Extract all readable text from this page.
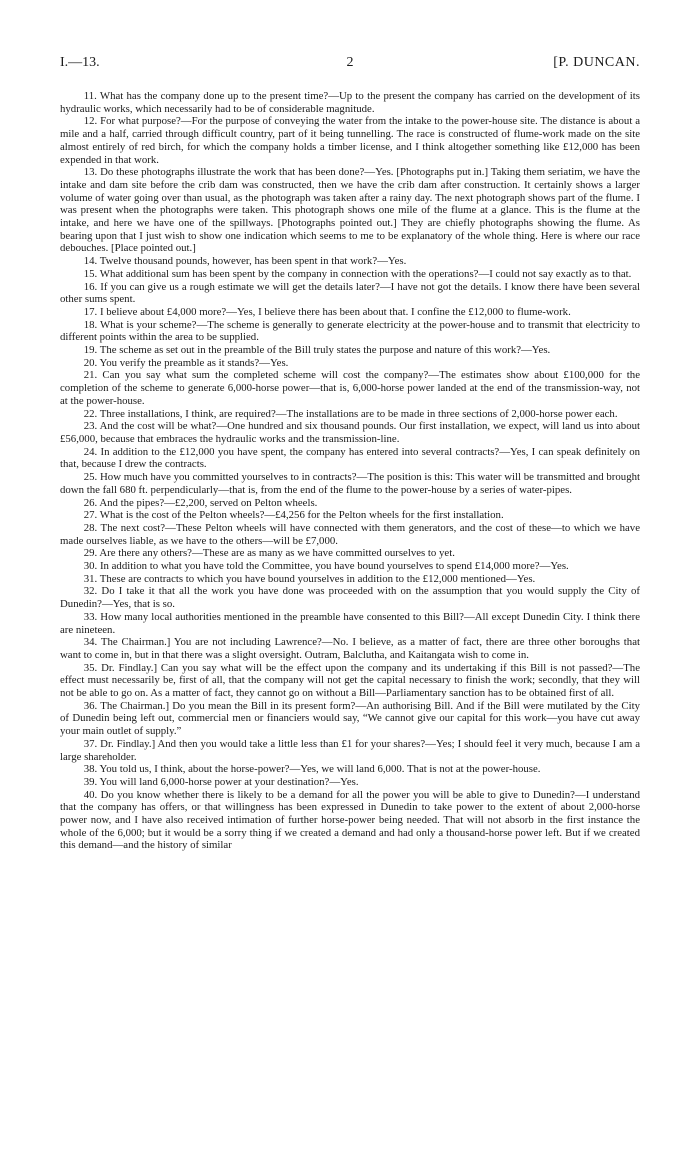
I.—13.	2	[P. DUNCAN.

11. What has the company done up to the present time?—Up to the present the company has carried on the development of its hydraulic works, which necessarily had to be of considerable magnitude.

12. For what purpose?—For the purpose of conveying the water from the intake to the power-house site. The distance is about a mile and a half, carried through difficult country, part of it being tunnelling. The race is constructed of flume-work made on the site almost entirely of red birch, for which the company holds a timber license, and I think altogether something like £12,000 has been expended in that work.

13. Do these photographs illustrate the work that has been done?—Yes. [Photographs put in.] Taking them seriatim, we have the intake and dam site before the crib dam was constructed, then we have the crib dam after construction. It certainly shows a larger volume of water going over than usual, as the photograph was taken after a rainy day. The next photograph shows part of the flume. I was present when the photographs were taken. This photograph shows one mile of the flume at a glance. This is the flume at the intake, and here we have one of the spillways. [Photographs pointed out.] They are chiefly photographs showing the flume. As bearing upon that I just wish to show one indication which seems to me to be explanatory of the whole thing. Here is where our race debouches. [Place pointed out.]

14. Twelve thousand pounds, however, has been spent in that work?—Yes.

15. What additional sum has been spent by the company in connection with the operations?—I could not say exactly as to that.

16. If you can give us a rough estimate we will get the details later?—I have not got the details. I know there have been several other sums spent.

17. I believe about £4,000 more?—Yes, I believe there has been about that. I confine the £12,000 to flume-work.

18. What is your scheme?—The scheme is generally to generate electricity at the power-house and to transmit that electricity to different points within the area to be supplied.

19. The scheme as set out in the preamble of the Bill truly states the purpose and nature of this work?—Yes.

20. You verify the preamble as it stands?—Yes.

21. Can you say what sum the completed scheme will cost the company?—The estimates show about £100,000 for the completion of the scheme to generate 6,000-horse power—that is, 6,000-horse power landed at the end of the transmission-way, not at the power-house.

22. Three installations, I think, are required?—The installations are to be made in three sections of 2,000-horse power each.

23. And the cost will be what?—One hundred and six thousand pounds. Our first installation, we expect, will land us into about £56,000, because that embraces the hydraulic works and the transmission-line.

24. In addition to the £12,000 you have spent, the company has entered into several contracts?—Yes, I can speak definitely on that, because I drew the contracts.

25. How much have you committed yourselves to in contracts?—The position is this: This water will be transmitted and brought down the fall 680 ft. perpendicularly—that is, from the end of the flume to the power-house by a series of water-pipes.

26. And the pipes?—£2,200, served on Pelton wheels.

27. What is the cost of the Pelton wheels?—£4,256 for the Pelton wheels for the first installation.

28. The next cost?—These Pelton wheels will have connected with them generators, and the cost of these—to which we have made ourselves liable, as we have to the others—will be £7,000.

29. Are there any others?—These are as many as we have committed ourselves to yet.

30. In addition to what you have told the Committee, you have bound yourselves to spend £14,000 more?—Yes.

31. These are contracts to which you have bound yourselves in addition to the £12,000 mentioned—Yes.

32. Do I take it that all the work you have done was proceeded with on the assumption that you would supply the City of Dunedin?—Yes, that is so.

33. How many local authorities mentioned in the preamble have consented to this Bill?—All except Dunedin City. I think there are nineteen.

34. The Chairman.] You are not including Lawrence?—No. I believe, as a matter of fact, there are three other boroughs that want to come in, but in that there was a slight oversight. Outram, Balclutha, and Kaitangata wish to come in.

35. Dr. Findlay.] Can you say what will be the effect upon the company and its undertaking if this Bill is not passed?—The effect must necessarily be, first of all, that the company will not get the capital necessary to finish the work; secondly, that they will not be able to go on. As a matter of fact, they cannot go on without a Bill—Parliamentary sanction has to be obtained first of all.

36. The Chairman.] Do you mean the Bill in its present form?—An authorising Bill. And if the Bill were mutilated by the City of Dunedin being left out, commercial men or financiers would say, “We cannot give our capital for this work—you have cut away your main outlet of supply.”

37. Dr. Findlay.] And then you would take a little less than £1 for your shares?—Yes; I should feel it very much, because I am a large shareholder.

38. You told us, I think, about the horse-power?—Yes, we will land 6,000. That is not at the power-house.

39. You will land 6,000-horse power at your destination?—Yes.

40. Do you know whether there is likely to be a demand for all the power you will be able to give to Dunedin?—I understand that the company has offers, or that willingness has been expressed in Dunedin to take power to the extent of about 2,000-horse power now, and I have also received intimation of further horse-power being needed. That will not absorb in the first instance the whole of the 6,000; but it would be a sorry thing if we created a demand and had only a thousand-horse power left. But if we created this demand—and the history of similar
